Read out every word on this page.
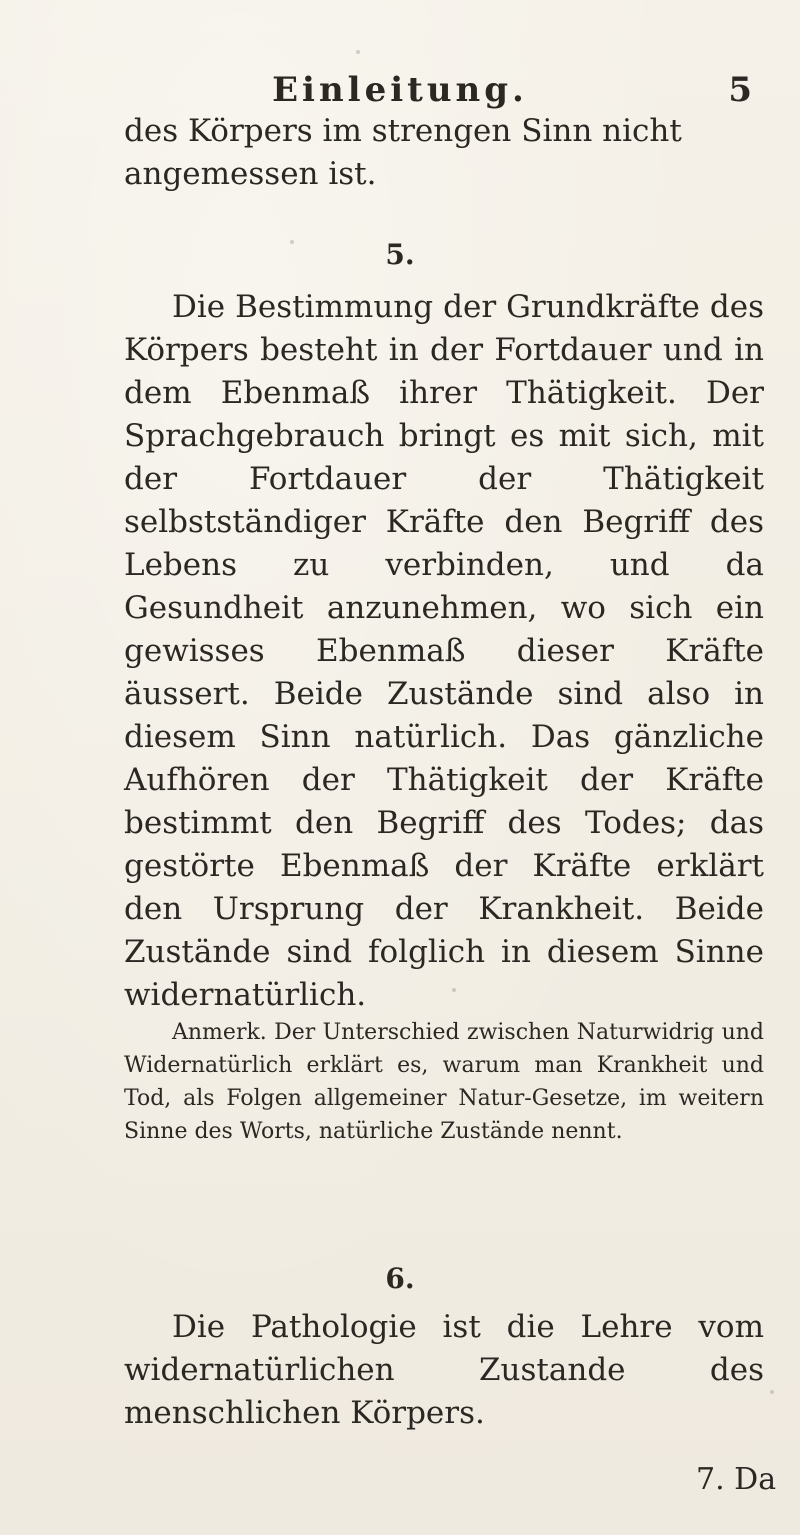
Einleitung.	5
des Körpers im strengen Sinn nicht angemessen ist.
5.
Die Bestimmung der Grundkräfte des Körpers besteht in der Fortdauer und in dem Ebenmaß ihrer Thätigkeit. Der Sprachgebrauch bringt es mit sich, mit der Fortdauer der Thätigkeit selbstständiger Kräfte den Begriff des Lebens zu verbinden, und da Gesundheit anzunehmen, wo sich ein gewisses Ebenmaß dieser Kräfte äussert. Beide Zustände sind also in diesem Sinn natürlich. Das gänzliche Aufhören der Thätigkeit der Kräfte bestimmt den Begriff des Todes; das gestörte Ebenmaß der Kräfte erklärt den Ursprung der Krankheit. Beide Zustände sind folglich in diesem Sinne widernatürlich.
Anmerk. Der Unterschied zwischen Naturwidrig und Widernatürlich erklärt es, warum man Krankheit und Tod, als Folgen allgemeiner Natur-Gesetze, im weitern Sinne des Worts, natürliche Zustände nennt.
6.
Die Pathologie ist die Lehre vom widernatürlichen Zustande des menschlichen Körpers.
7. Da
